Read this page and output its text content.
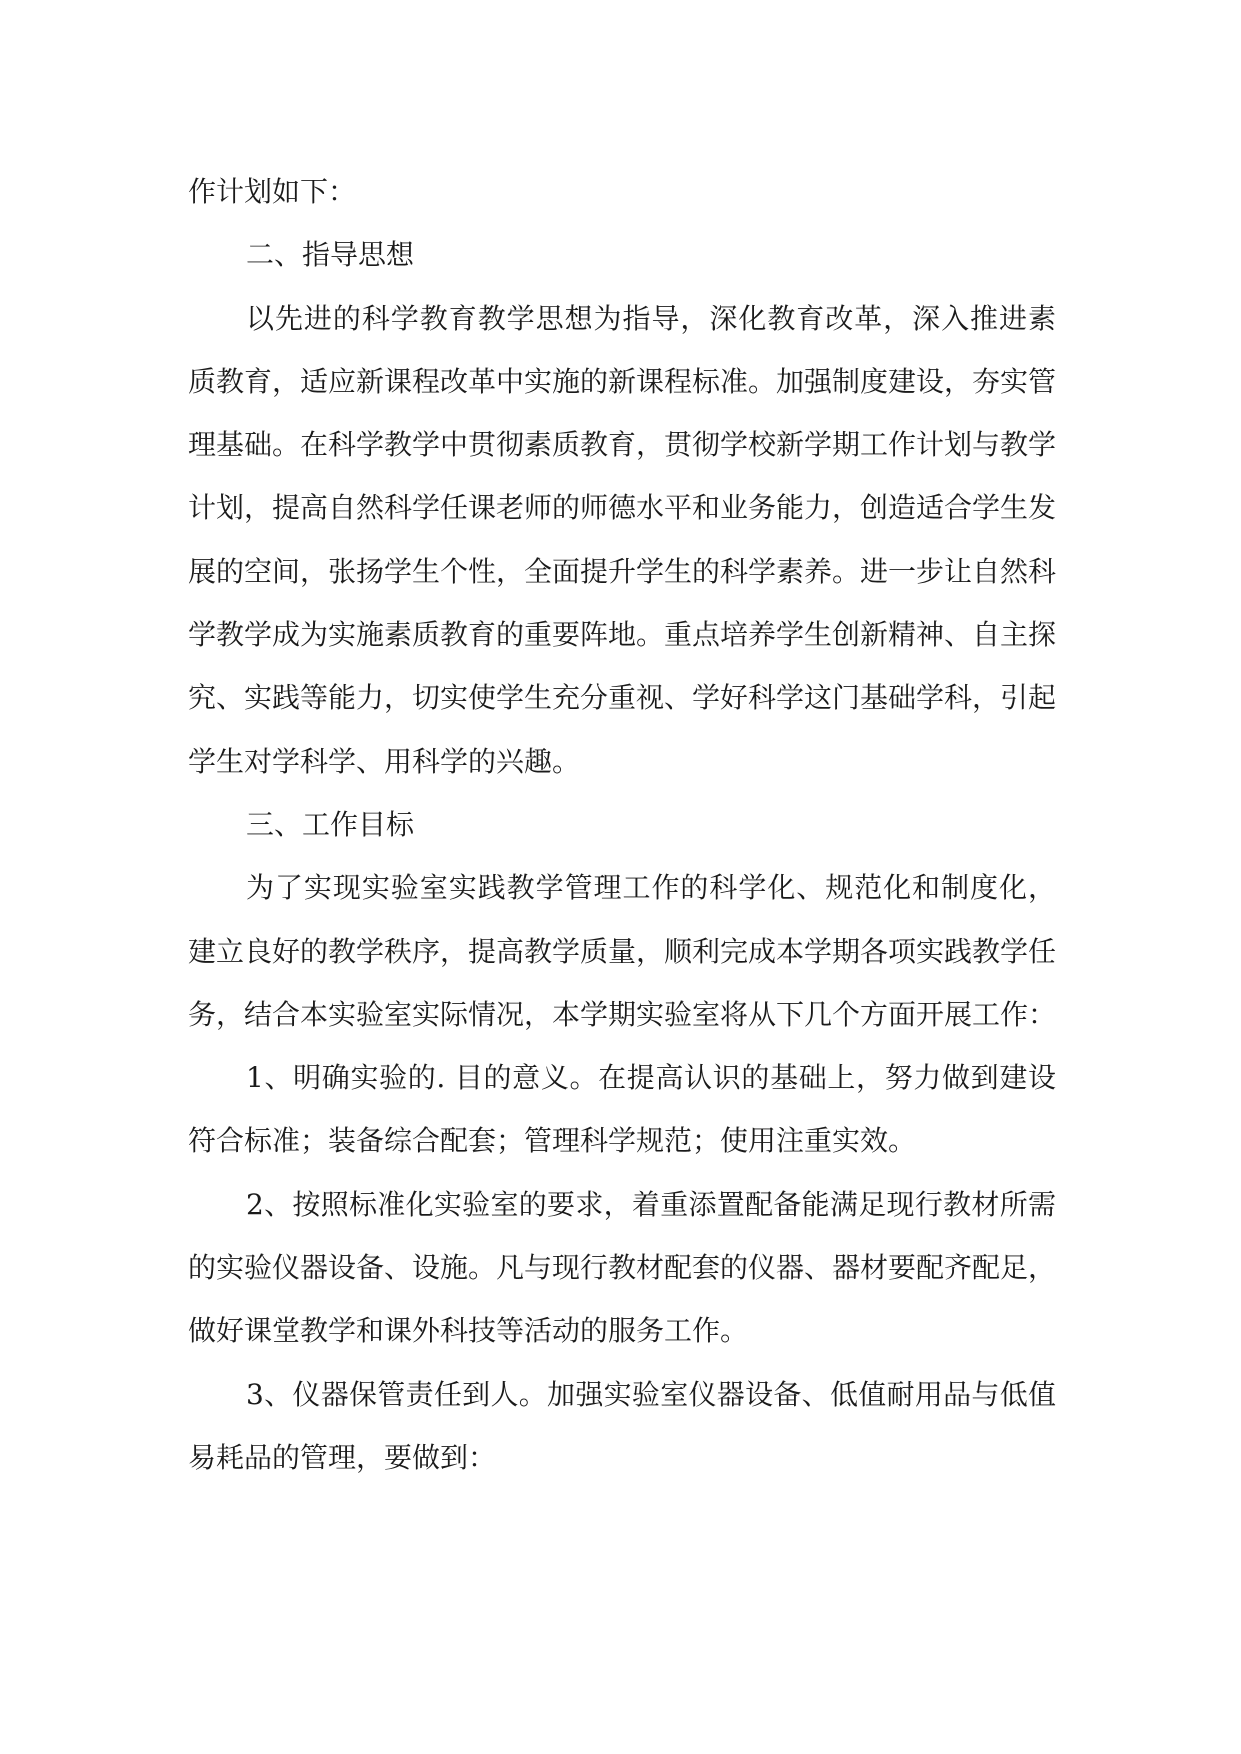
作计划如下：

二、指导思想

以先进的科学教育教学思想为指导，深化教育改革，深入推进素质教育，适应新课程改革中实施的新课程标准。加强制度建设，夯实管理基础。在科学教学中贯彻素质教育，贯彻学校新学期工作计划与教学计划，提高自然科学任课老师的师德水平和业务能力，创造适合学生发展的空间，张扬学生个性，全面提升学生的科学素养。进一步让自然科学教学成为实施素质教育的重要阵地。重点培养学生创新精神、自主探究、实践等能力，切实使学生充分重视、学好科学这门基础学科，引起学生对学科学、用科学的兴趣。

三、工作目标

为了实现实验室实践教学管理工作的科学化、规范化和制度化，建立良好的教学秩序，提高教学质量，顺利完成本学期各项实践教学任务，结合本实验室实际情况，本学期实验室将从下几个方面开展工作：

1、明确实验的. 目的意义。在提高认识的基础上，努力做到建设符合标准；装备综合配套；管理科学规范；使用注重实效。

2、按照标准化实验室的要求，着重添置配备能满足现行教材所需的实验仪器设备、设施。凡与现行教材配套的仪器、器材要配齐配足，做好课堂教学和课外科技等活动的服务工作。

3、仪器保管责任到人。加强实验室仪器设备、低值耐用品与低值易耗品的管理，要做到：
